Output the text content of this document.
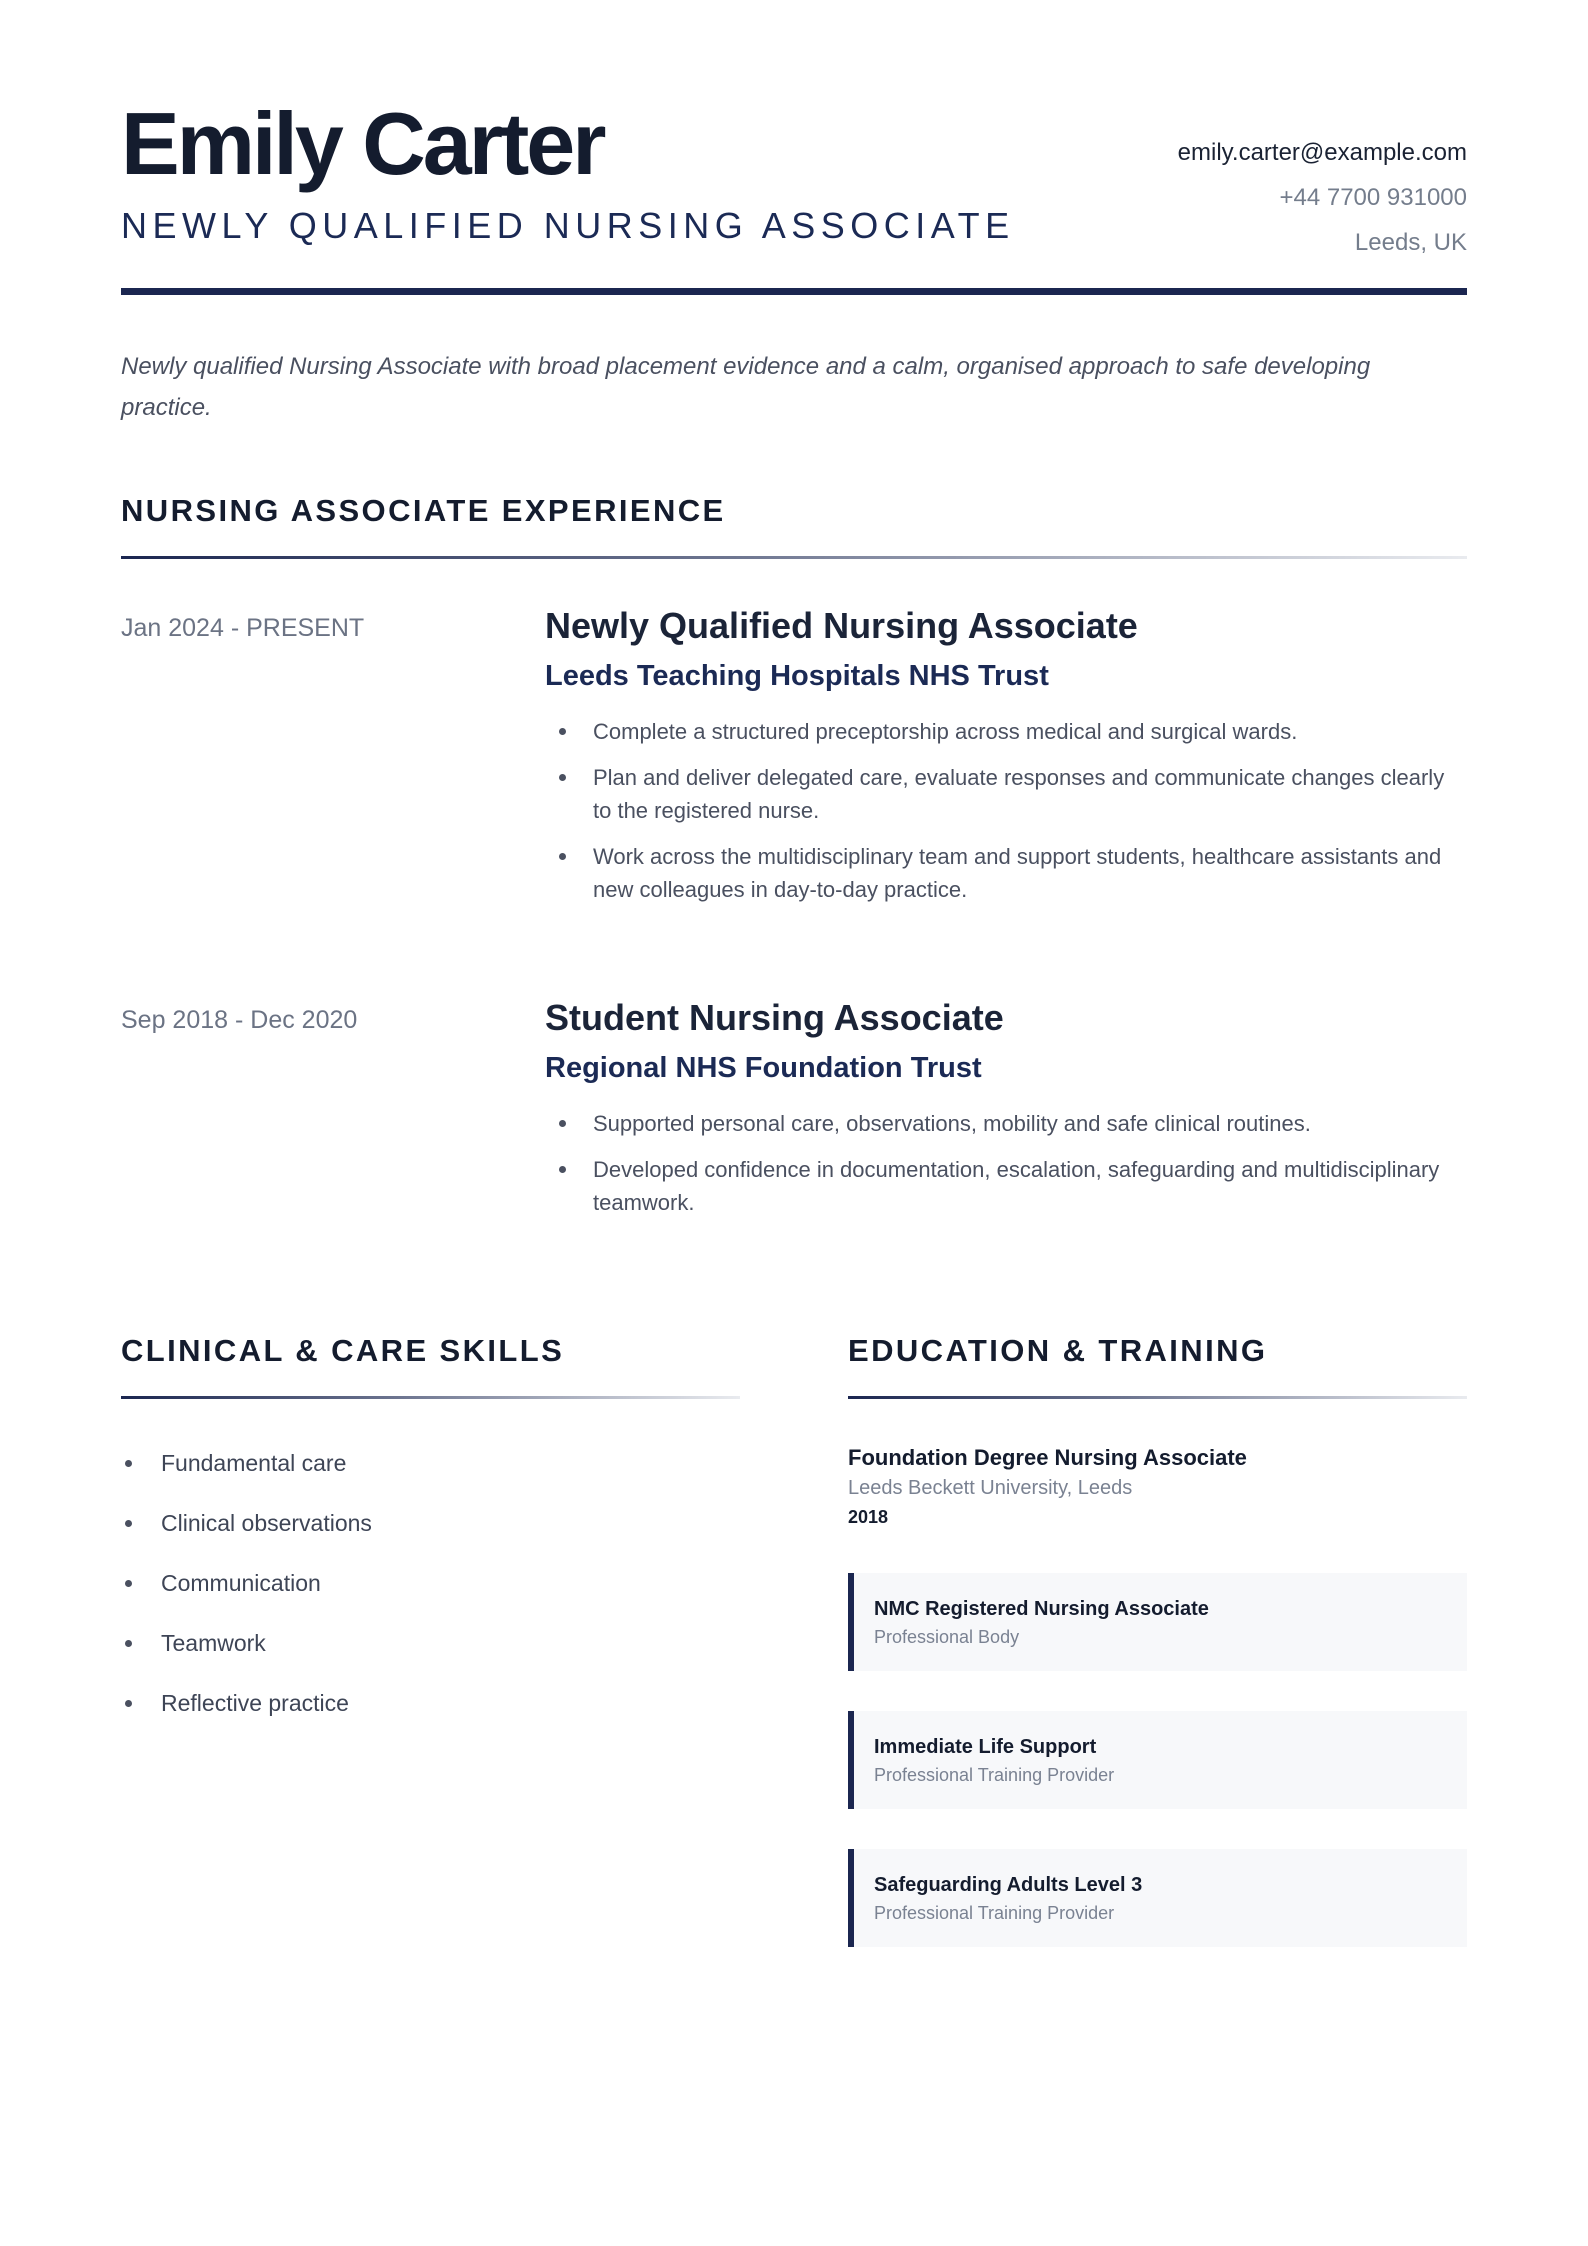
Emily Carter
NEWLY QUALIFIED NURSING ASSOCIATE
emily.carter@example.com
+44 7700 931000
Leeds, UK

Newly qualified Nursing Associate with broad placement evidence and a calm, organised approach to safe developing practice.

NURSING ASSOCIATE EXPERIENCE
Jan 2024 - PRESENT	Newly Qualified Nursing Associate
Leeds Teaching Hospitals NHS Trust
Complete a structured preceptorship across medical and surgical wards.
Plan and deliver delegated care, evaluate responses and communicate changes clearly to the registered nurse.
Work across the multidisciplinary team and support students, healthcare assistants and new colleagues in day-to-day practice.
Sep 2018 - Dec 2020	Student Nursing Associate
Regional NHS Foundation Trust
Supported personal care, observations, mobility and safe clinical routines.
Developed confidence in documentation, escalation, safeguarding and multidisciplinary teamwork.
CLINICAL & CARE SKILLS
Fundamental care
Clinical observations
Communication
Teamwork
Reflective practice
EDUCATION & TRAINING
Foundation Degree Nursing Associate
Leeds Beckett University, Leeds
2018
NMC Registered Nursing Associate
Professional Body
Immediate Life Support
Professional Training Provider
Safeguarding Adults Level 3
Professional Training Provider
